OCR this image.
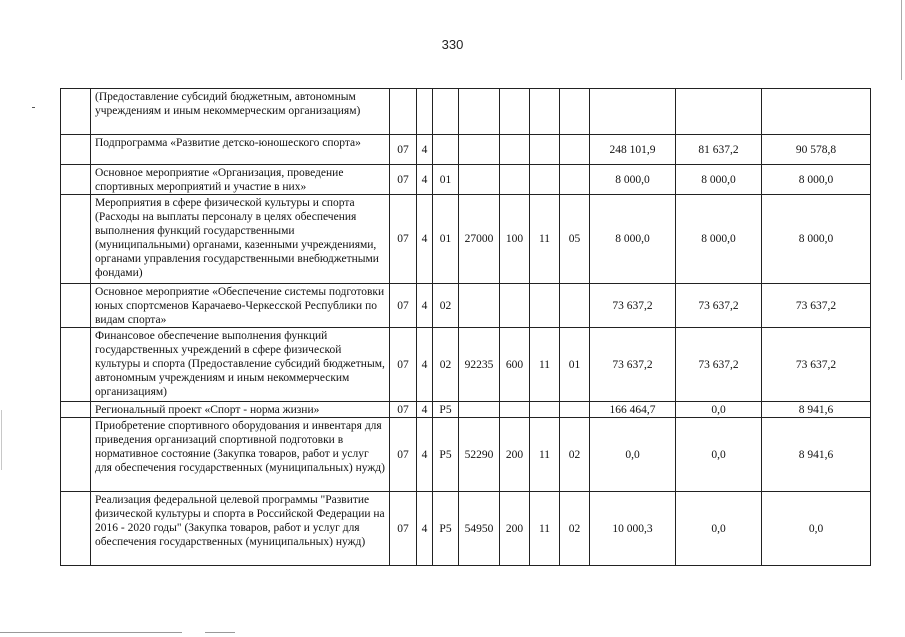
330
	(Предоставление субсидий бюджетным, автономным учреждениям и иным некоммерческим организациям)										
	Подпрограмма «Развитие детско-юношеского спорта»	07	4						248 101,9	81 637,2	90 578,8
	Основное мероприятие «Организация, проведение спортивных мероприятий и участие в них»	07	4	01					8 000,0	8 000,0	8 000,0
	Мероприятия в сфере физической культуры и спорта (Расходы на выплаты персоналу в целях обеспечения выполнения функций государственными (муниципальными) органами, казенными учреждениями, органами управления государственными внебюджетными фондами)	07	4	01	27000	100	11	05	8 000,0	8 000,0	8 000,0
	Основное мероприятие «Обеспечение системы подготовки юных спортсменов Карачаево-Черкесской Республики по видам спорта»	07	4	02					73 637,2	73 637,2	73 637,2
	Финансовое обеспечение выполнения функций государственных учреждений в сфере физической культуры и спорта (Предоставление субсидий бюджетным, автономным учреждениям и иным некоммерческим организациям)	07	4	02	92235	600	11	01	73 637,2	73 637,2	73 637,2
	Региональный проект «Спорт - норма жизни»	07	4	P5					166 464,7	0,0	8 941,6
	Приобретение спортивного оборудования и инвентаря для приведения организаций спортивной подготовки в нормативное состояние (Закупка товаров, работ и услуг для обеспечения государственных (муниципальных) нужд)	07	4	P5	52290	200	11	02	0,0	0,0	8 941,6
	Реализация федеральной целевой программы "Развитие физической культуры и спорта в Российской Федерации на 2016 - 2020 годы" (Закупка товаров, работ и услуг для обеспечения государственных (муниципальных) нужд)	07	4	P5	54950	200	11	02	10 000,3	0,0	0,0
